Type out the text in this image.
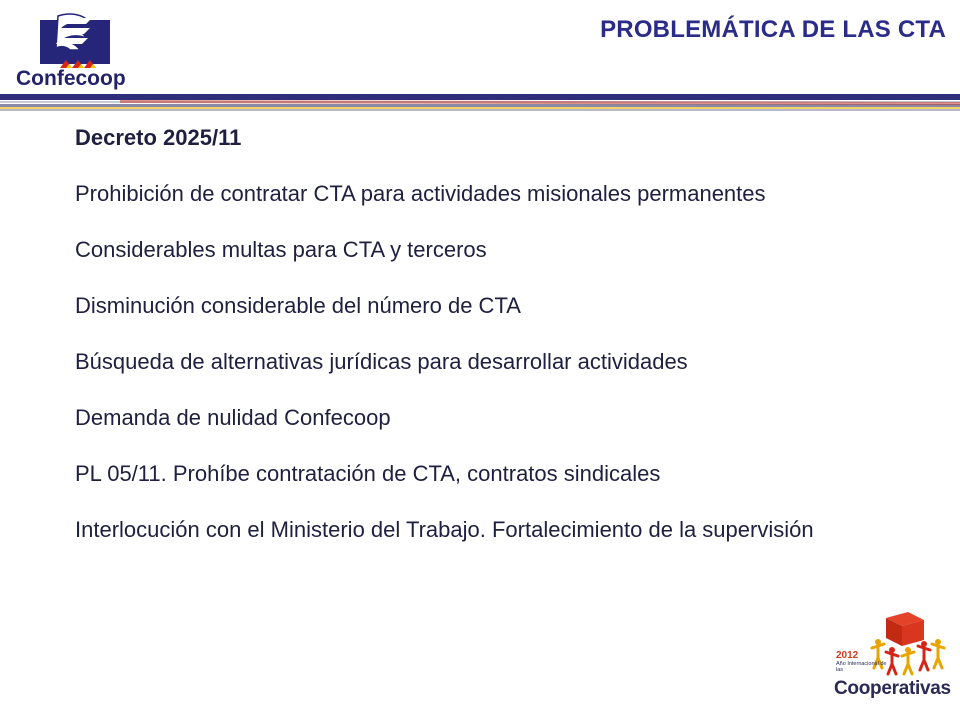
Confecoop
PROBLEMÁTICA DE LAS CTA
Decreto 2025/11
Prohibición de contratar CTA para actividades misionales permanentes
Considerables multas para CTA y terceros
Disminución considerable del número de CTA
Búsqueda de alternativas jurídicas para desarrollar actividades
Demanda de nulidad Confecoop
PL 05/11. Prohíbe contratación de CTA, contratos sindicales
Interlocución con el Ministerio del Trabajo. Fortalecimiento de la supervisión
2012
Año Internacional de las
Cooperativas
